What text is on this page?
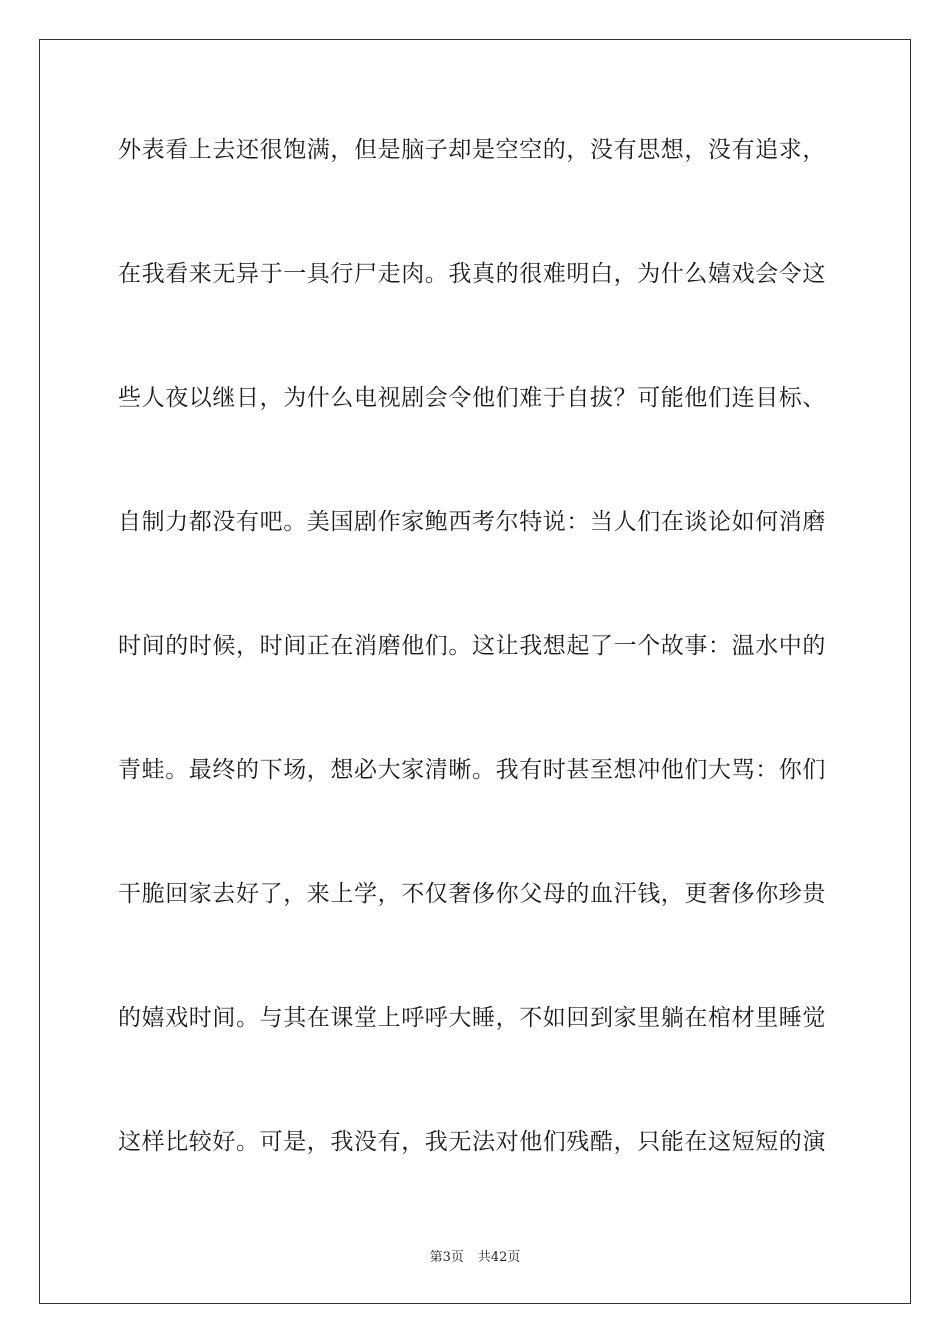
外表看上去还很饱满，但是脑子却是空空的，没有思想，没有追求，
在我看来无异于一具行尸走肉。我真的很难明白，为什么嬉戏会令这
些人夜以继日，为什么电视剧会令他们难于自拔？可能他们连目标、
自制力都没有吧。美国剧作家鲍西考尔特说：当人们在谈论如何消磨
时间的时候，时间正在消磨他们。这让我想起了一个故事：温水中的
青蛙。最终的下场，想必大家清晰。我有时甚至想冲他们大骂：你们
干脆回家去好了，来上学，不仅奢侈你父母的血汗钱，更奢侈你珍贵
的嬉戏时间。与其在课堂上呼呼大睡，不如回到家里躺在棺材里睡觉
这样比较好。可是，我没有，我无法对他们残酷，只能在这短短的演
第3页 共42页
